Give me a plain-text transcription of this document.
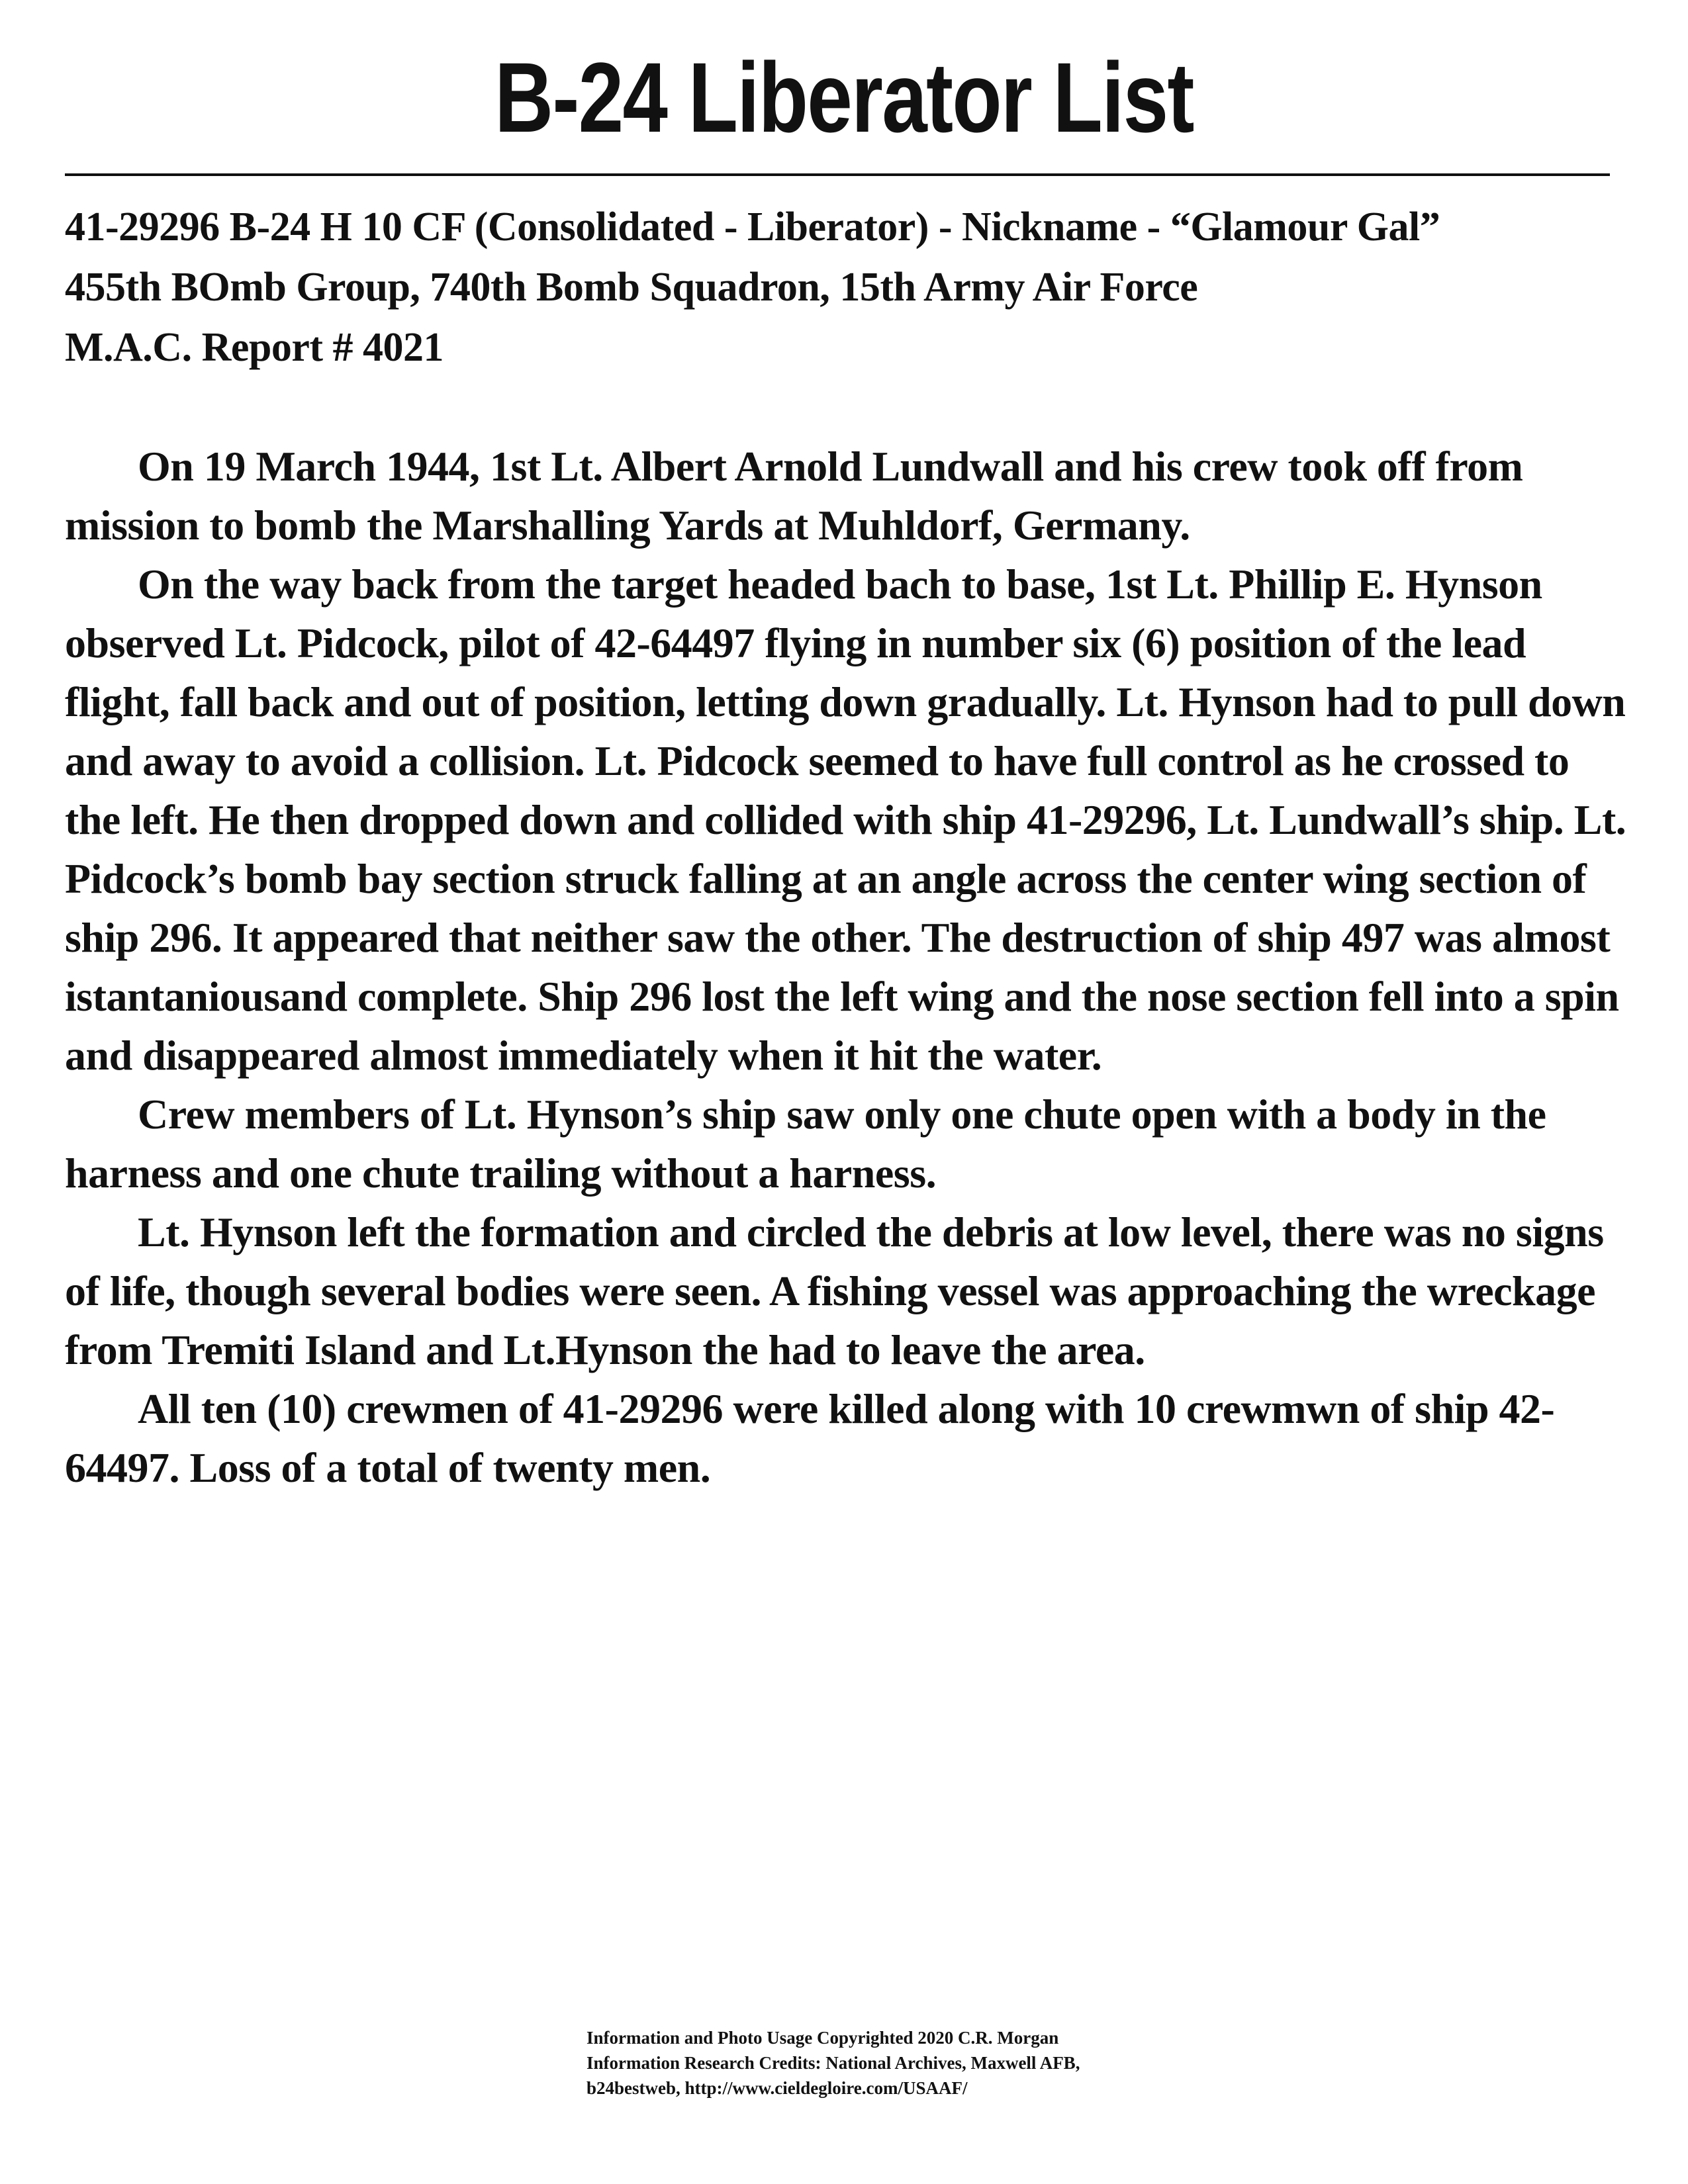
B-24 Liberator List
41-29296 B-24 H 10 CF (Consolidated - Liberator) - Nickname - “Glamour Gal”
455th BOmb Group, 740th Bomb Squadron, 15th Army Air Force
M.A.C. Report # 4021

On 19 March 1944, 1st Lt. Albert Arnold Lundwall and his crew took off from mission to bomb the Marshalling Yards at Muhldorf, Germany.

On the way back from the target headed bach to base, 1st Lt. Phillip E. Hynson observed Lt. Pidcock, pilot of 42-64497 flying in number six (6) position of the lead flight, fall back and out of position, letting down gradually. Lt. Hynson had to pull down and away to avoid a collision. Lt. Pidcock seemed to have full control as he crossed to the left. He then dropped down and collided with ship 41-29296, Lt. Lundwall’s ship. Lt. Pidcock’s bomb bay section struck falling at an angle across the center wing section of ship 296. It appeared that neither saw the other. The destruction of ship 497 was almost istantaniousand complete. Ship 296 lost the left wing and the nose section fell into a spin and disappeared almost immediately when it hit the water.

Crew members of Lt. Hynson’s ship saw only one chute open with a body in the harness and one chute trailing without a harness.

Lt. Hynson left the formation and circled the debris at low level, there was no signs of life, though several bodies were seen. A fishing vessel was approaching the wreckage from Tremiti Island and Lt.Hynson the had to leave the area.

All ten (10) crewmen of 41-29296 were killed along with 10 crewmwn of ship 42-64497. Loss of a total of twenty men.

Information and Photo Usage Copyrighted 2020 C.R. Morgan
Information Research Credits: National Archives, Maxwell AFB,
b24bestweb, http://www.cieldegloire.com/USAAF/
